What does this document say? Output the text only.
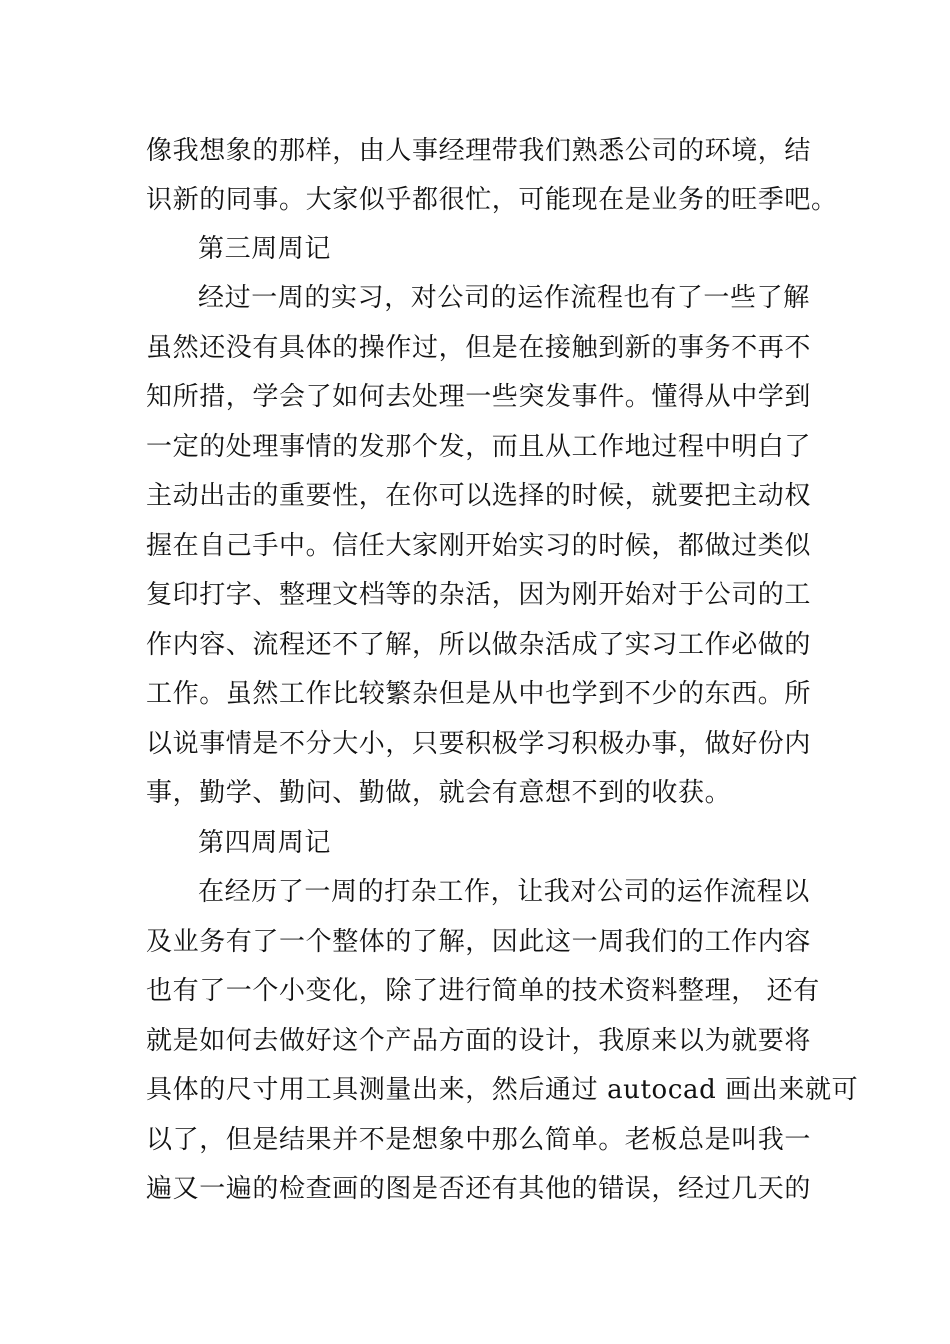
像我想象的那样，由人事经理带我们熟悉公司的环境，结
识新的同事。大家似乎都很忙，可能现在是业务的旺季吧。
第三周周记
经过一周的实习，对公司的运作流程也有了一些了解
虽然还没有具体的操作过，但是在接触到新的事务不再不
知所措，学会了如何去处理一些突发事件。懂得从中学到
一定的处理事情的发那个发，而且从工作地过程中明白了
主动出击的重要性，在你可以选择的时候，就要把主动权
握在自己手中。信任大家刚开始实习的时候，都做过类似
复印打字、整理文档等的杂活，因为刚开始对于公司的工
作内容、流程还不了解，所以做杂活成了实习工作必做的
工作。虽然工作比较繁杂但是从中也学到不少的东西。所
以说事情是不分大小，只要积极学习积极办事，做好份内
事，勤学、勤问、勤做，就会有意想不到的收获。
第四周周记
在经历了一周的打杂工作，让我对公司的运作流程以
及业务有了一个整体的了解，因此这一周我们的工作内容
也有了一个小变化，除了进行简单的技术资料整理， 还有
就是如何去做好这个产品方面的设计，我原来以为就要将
具体的尺寸用工具测量出来，然后通过 autocad 画出来就可
以了，但是结果并不是想象中那么简单。老板总是叫我一
遍又一遍的检查画的图是否还有其他的错误，经过几天的
